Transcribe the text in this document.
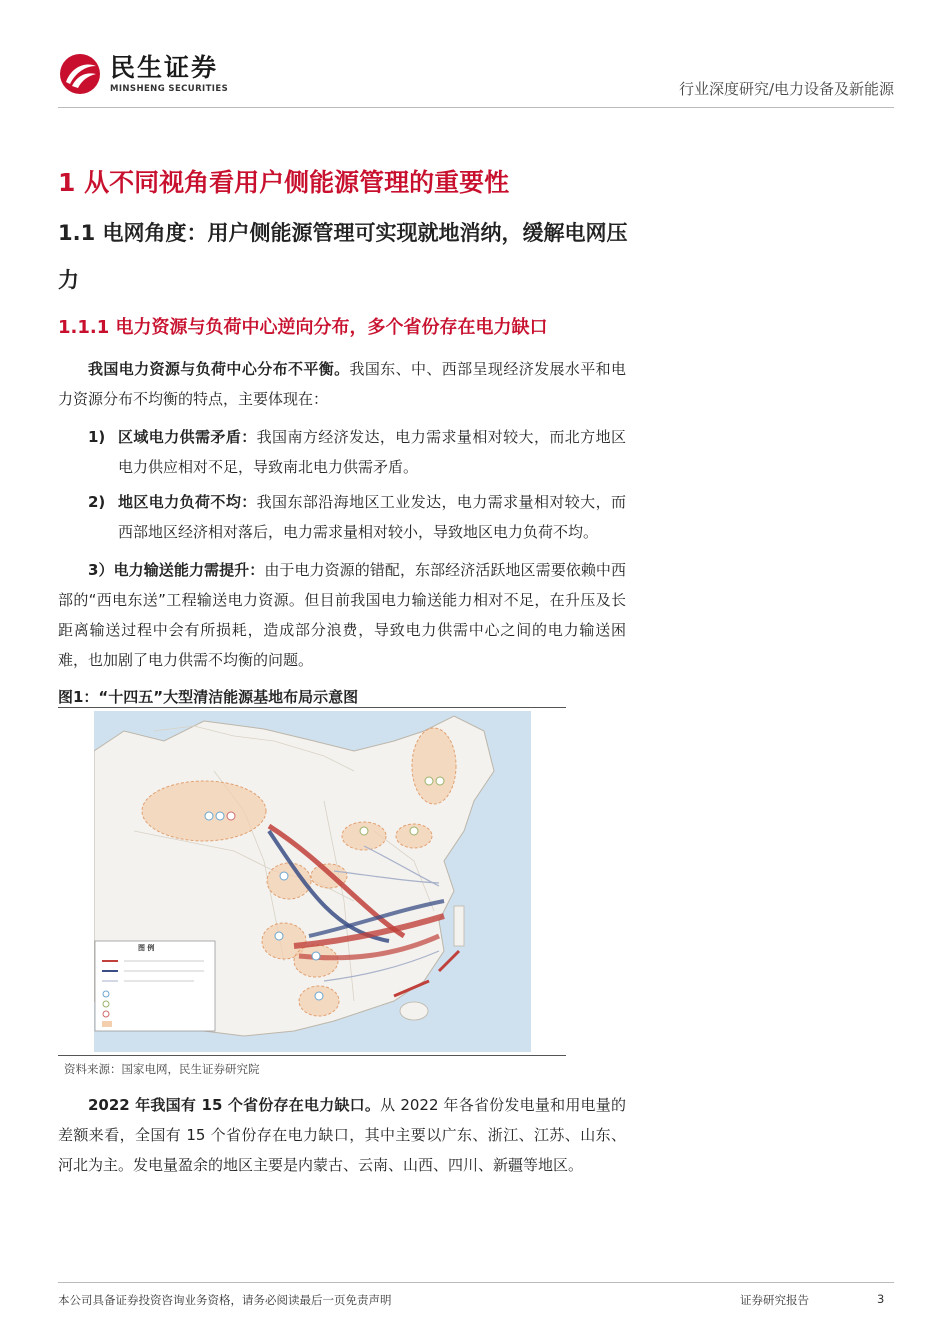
民生证券
MINSHENG SECURITIES	行业深度研究/电力设备及新能源
1 从不同视角看用户侧能源管理的重要性
1.1 电网角度：用户侧能源管理可实现就地消纳，缓解电网压力
1.1.1 电力资源与负荷中心逆向分布，多个省份存在电力缺口
我国电力资源与负荷中心分布不平衡。我国东、中、西部呈现经济发展水平和电力资源分布不均衡的特点，主要体现在：
1) 区域电力供需矛盾：我国南方经济发达，电力需求量相对较大，而北方地区电力供应相对不足，导致南北电力供需矛盾。
2) 地区电力负荷不均：我国东部沿海地区工业发达，电力需求量相对较大，而西部地区经济相对落后，电力需求量相对较小，导致地区电力负荷不均。
3）电力输送能力需提升：由于电力资源的错配，东部经济活跃地区需要依赖中西部的“西电东送”工程输送电力资源。但目前我国电力输送能力相对不足，在升压及长距离输送过程中会有所损耗，造成部分浪费，导致电力供需中心之间的电力输送困难，也加剧了电力供需不均衡的问题。
图1：“十四五”大型清洁能源基地布局示意图
图 例
资料来源：国家电网，民生证券研究院
2022 年我国有 15 个省份存在电力缺口。从 2022 年各省份发电量和用电量的差额来看，全国有 15 个省份存在电力缺口，其中主要以广东、浙江、江苏、山东、河北为主。发电量盈余的地区主要是内蒙古、云南、山西、四川、新疆等地区。
本公司具备证券投资咨询业务资格，请务必阅读最后一页免责声明	证券研究报告	3
